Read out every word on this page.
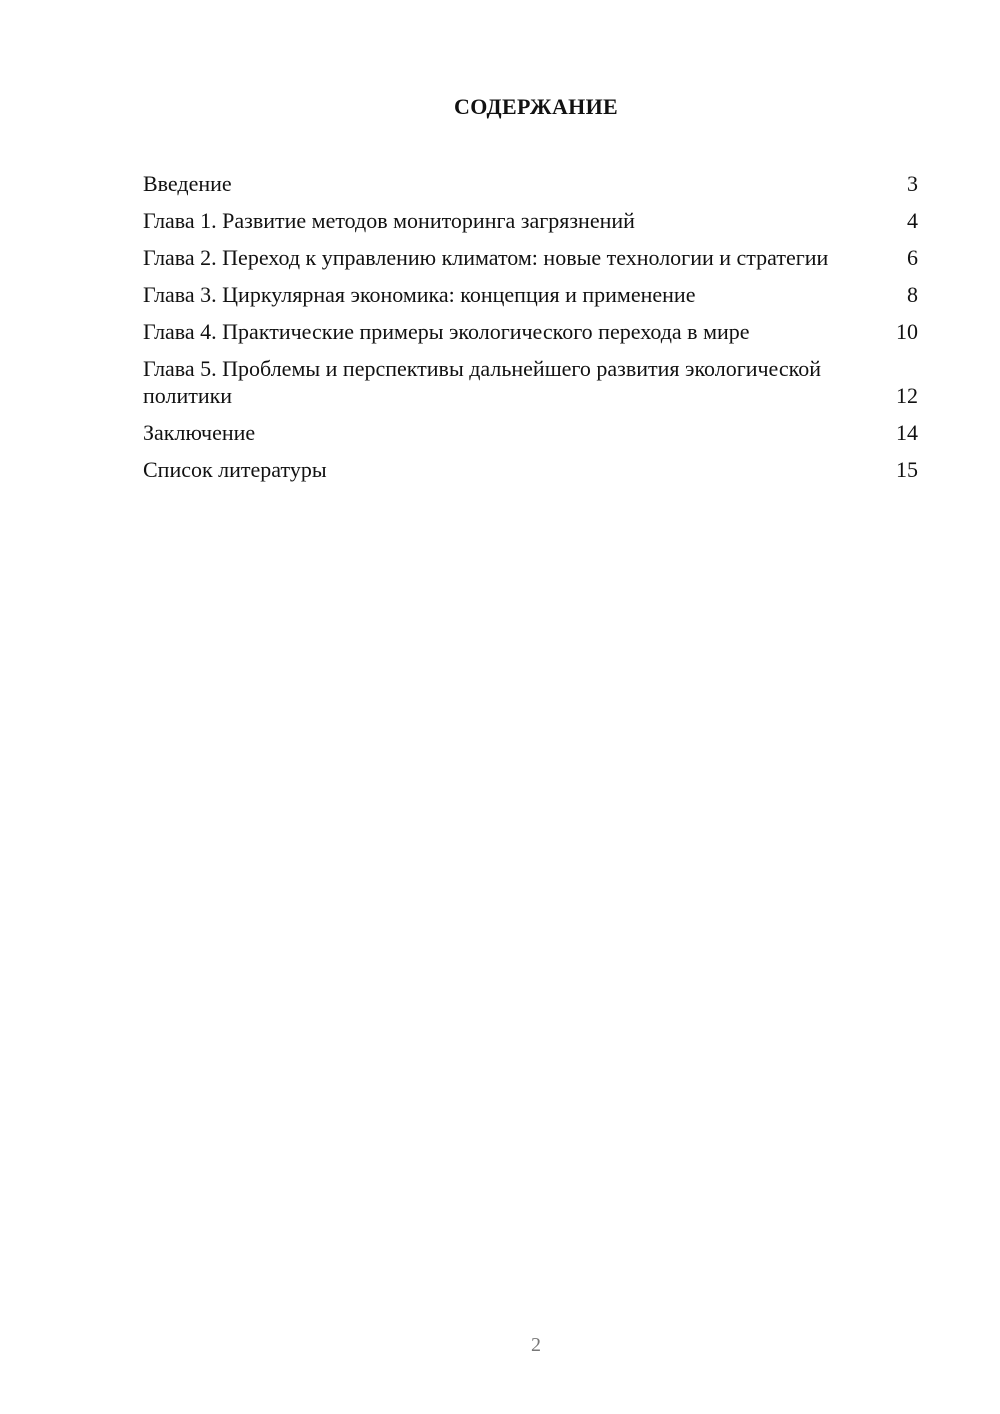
СОДЕРЖАНИЕ
Введение	3
Глава 1. Развитие методов мониторинга загрязнений	4
Глава 2. Переход к управлению климатом: новые технологии и стратегии	6
Глава 3. Циркулярная экономика: концепция и применение	8
Глава 4. Практические примеры экологического перехода в мире	10
Глава 5. Проблемы и перспективы дальнейшего развития экологической политики	12
Заключение	14
Список литературы	15
2
